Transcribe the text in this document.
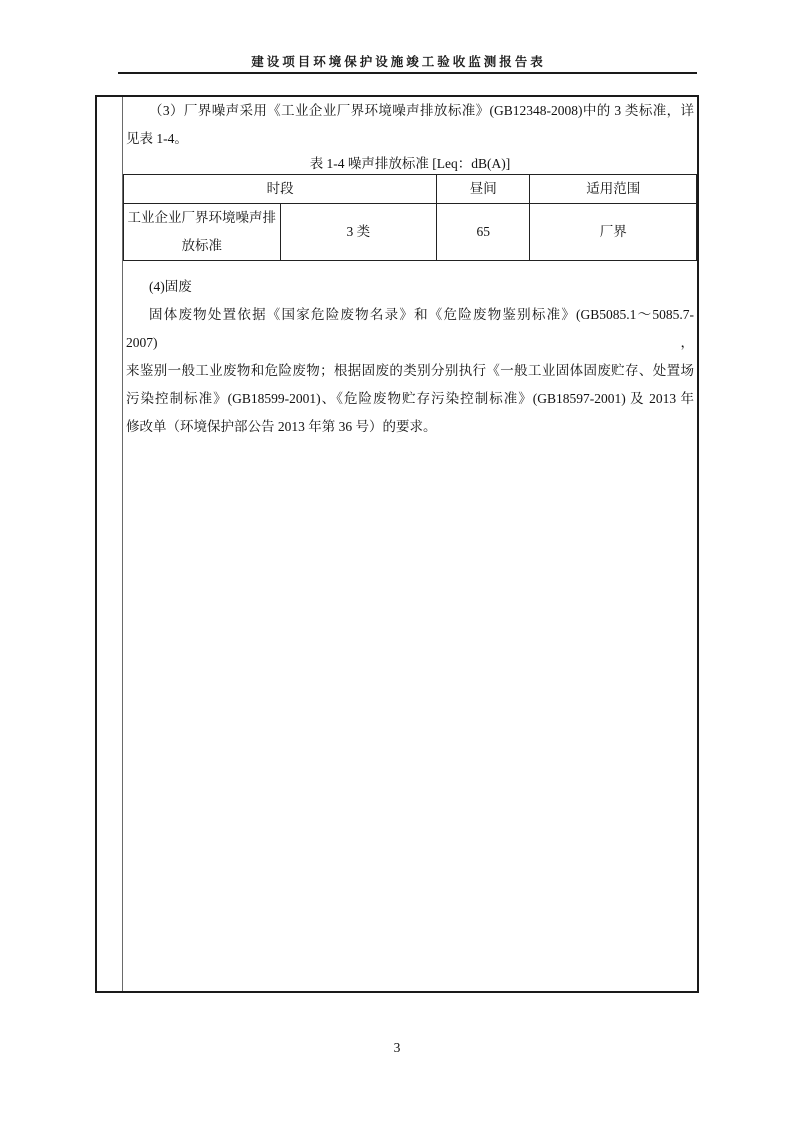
建设项目环境保护设施竣工验收监测报告表
（3）厂界噪声采用《工业企业厂界环境噪声排放标准》(GB12348-2008)中的 3 类标准，详
见表 1-4。
表 1-4 噪声排放标准 [Leq：dB(A)]
时段		昼间	适用范围
工业企业厂界环境噪声排放标准	3 类	65	厂界
(4)固废
固体废物处置依据《国家危险废物名录》和《危险废物鉴别标准》(GB5085.1～5085.7-2007)，
来鉴别一般工业废物和危险废物；根据固废的类别分别执行《一般工业固体固废贮存、处置场
污染控制标准》(GB18599-2001)、《危险废物贮存污染控制标准》(GB18597-2001) 及 2013 年
修改单（环境保护部公告 2013 年第 36 号）的要求。
3
